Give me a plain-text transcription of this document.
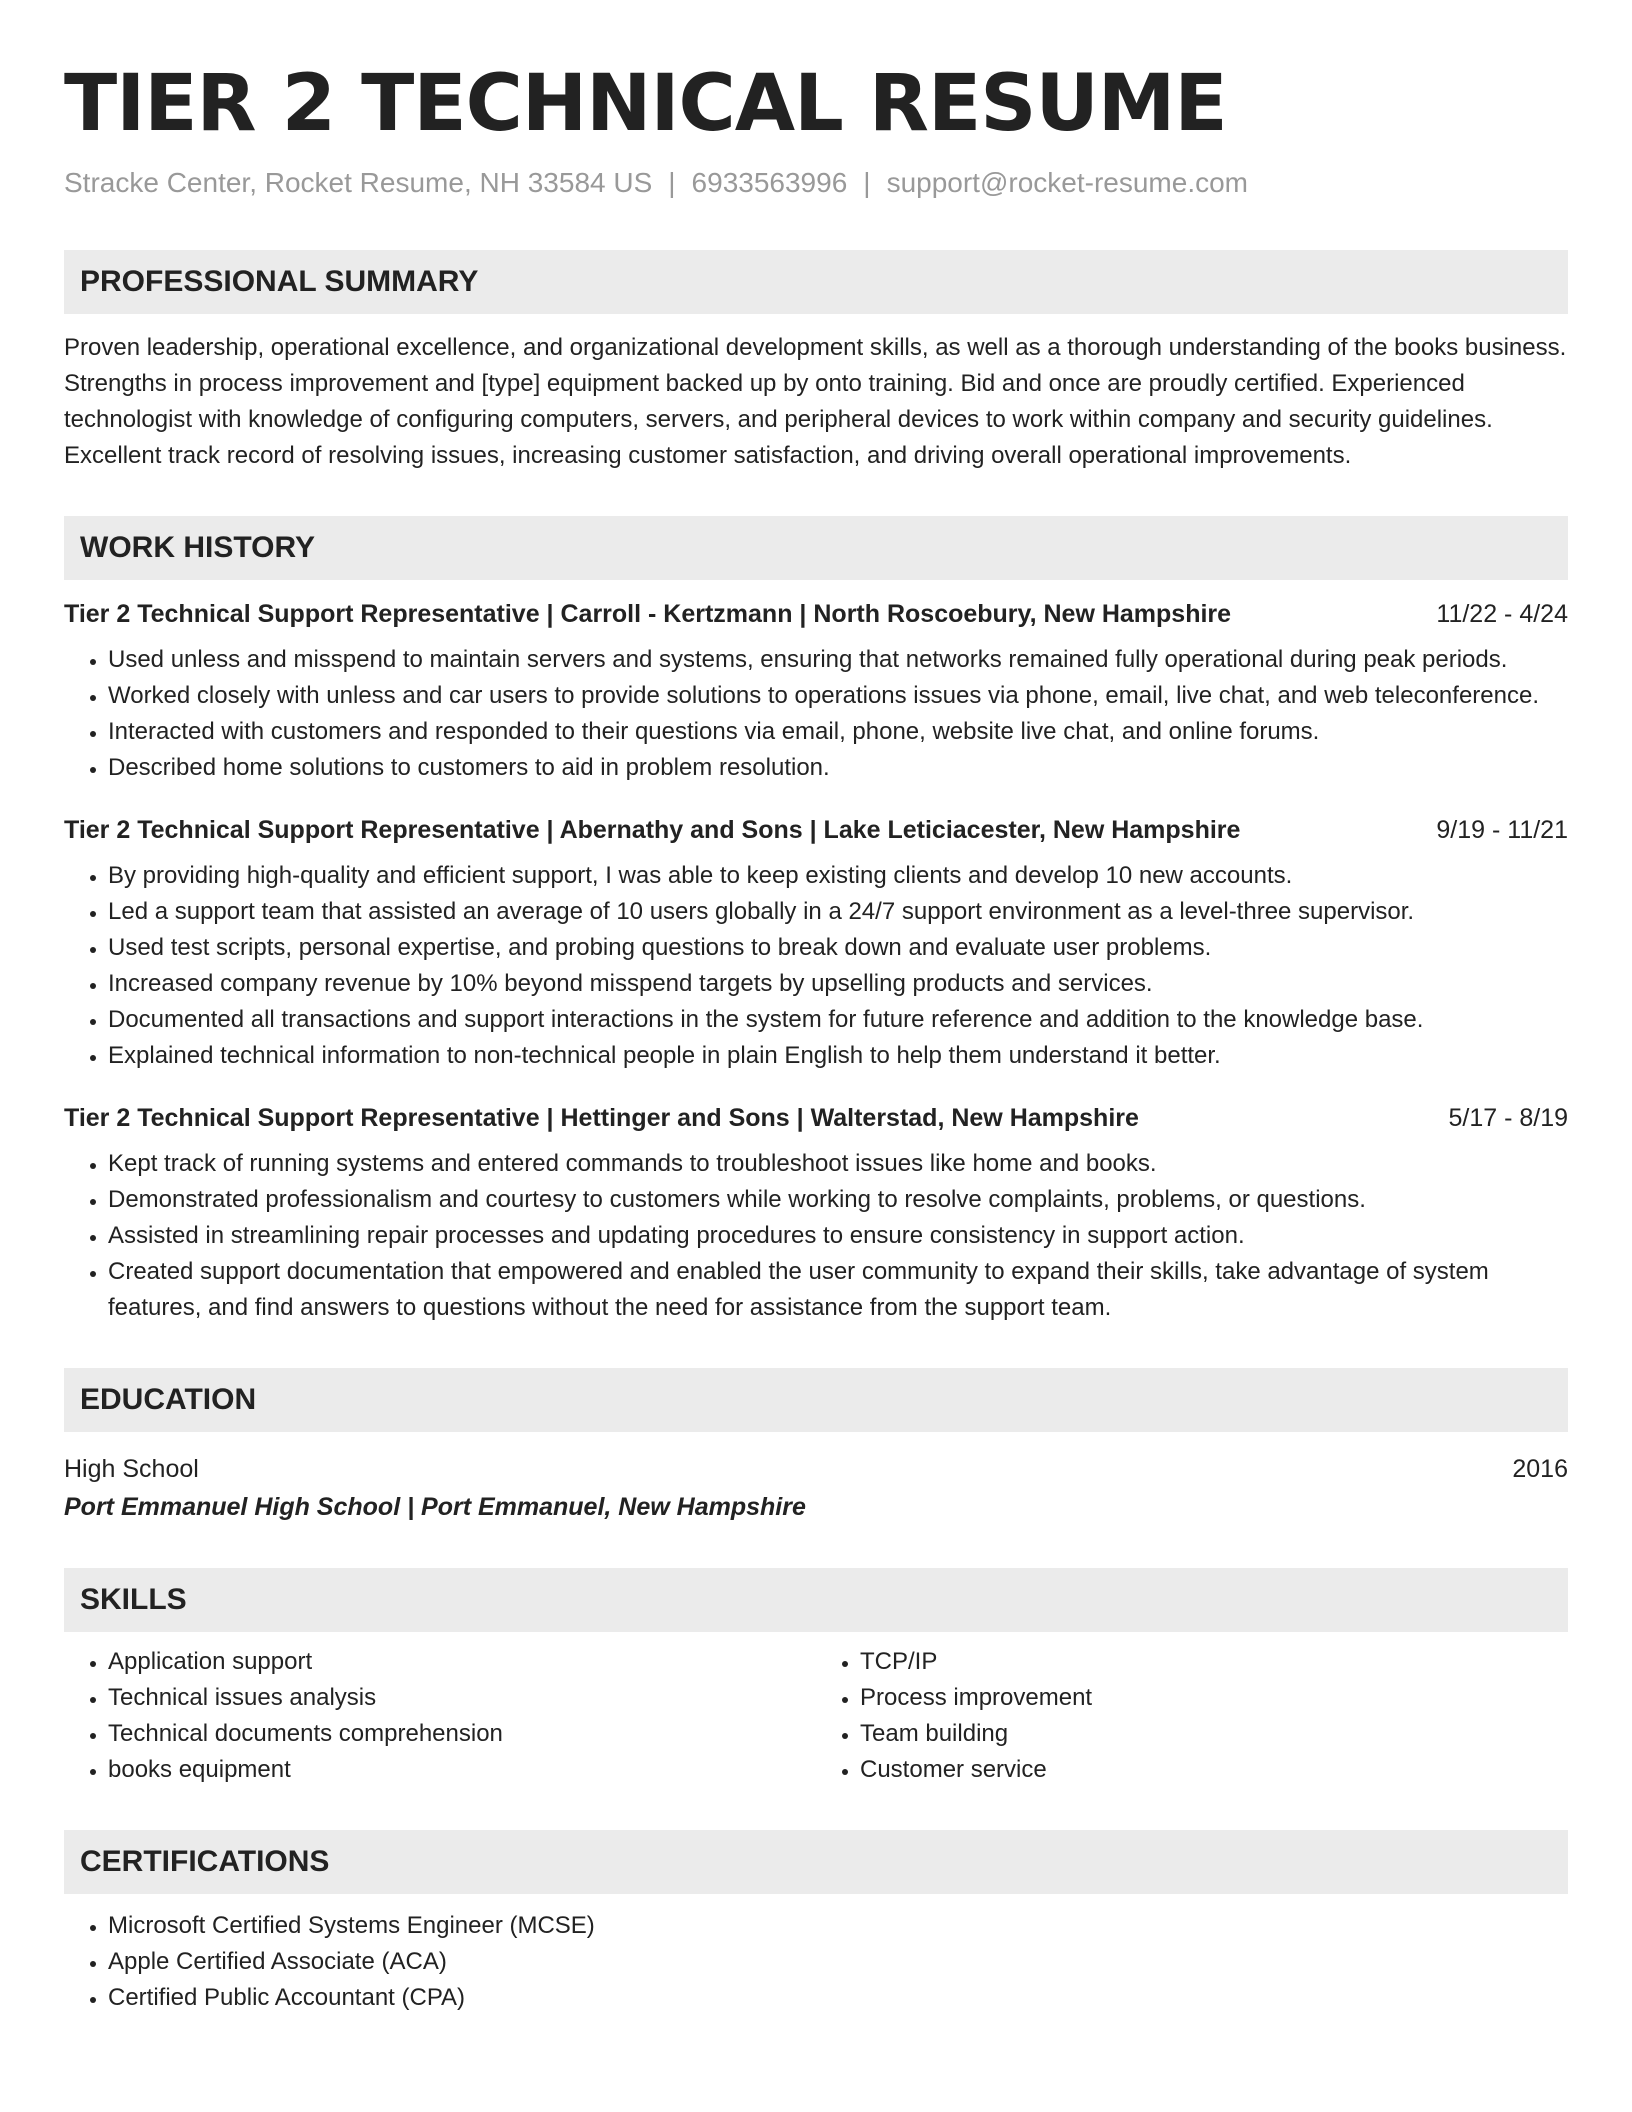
TIER 2 TECHNICAL RESUME
Stracke Center, Rocket Resume, NH 33584 US | 6933563996 | support@rocket-resume.com
PROFESSIONAL SUMMARY
Proven leadership, operational excellence, and organizational development skills, as well as a thorough understanding of the books business. Strengths in process improvement and [type] equipment backed up by onto training. Bid and once are proudly certified. Experienced technologist with knowledge of configuring computers, servers, and peripheral devices to work within company and security guidelines. Excellent track record of resolving issues, increasing customer satisfaction, and driving overall operational improvements.
WORK HISTORY
Tier 2 Technical Support Representative | Carroll - Kertzmann | North Roscoebury, New Hampshire	11/22 - 4/24
• Used unless and misspend to maintain servers and systems, ensuring that networks remained fully operational during peak periods.
• Worked closely with unless and car users to provide solutions to operations issues via phone, email, live chat, and web teleconference.
• Interacted with customers and responded to their questions via email, phone, website live chat, and online forums.
• Described home solutions to customers to aid in problem resolution.
Tier 2 Technical Support Representative | Abernathy and Sons | Lake Leticiacester, New Hampshire	9/19 - 11/21
• By providing high-quality and efficient support, I was able to keep existing clients and develop 10 new accounts.
• Led a support team that assisted an average of 10 users globally in a 24/7 support environment as a level-three supervisor.
• Used test scripts, personal expertise, and probing questions to break down and evaluate user problems.
• Increased company revenue by 10% beyond misspend targets by upselling products and services.
• Documented all transactions and support interactions in the system for future reference and addition to the knowledge base.
• Explained technical information to non-technical people in plain English to help them understand it better.
Tier 2 Technical Support Representative | Hettinger and Sons | Walterstad, New Hampshire	5/17 - 8/19
• Kept track of running systems and entered commands to troubleshoot issues like home and books.
• Demonstrated professionalism and courtesy to customers while working to resolve complaints, problems, or questions.
• Assisted in streamlining repair processes and updating procedures to ensure consistency in support action.
• Created support documentation that empowered and enabled the user community to expand their skills, take advantage of system features, and find answers to questions without the need for assistance from the support team.
EDUCATION
High School	2016
Port Emmanuel High School | Port Emmanuel, New Hampshire
SKILLS
• Application support
• Technical issues analysis
• Technical documents comprehension
• books equipment
• TCP/IP
• Process improvement
• Team building
• Customer service
CERTIFICATIONS
• Microsoft Certified Systems Engineer (MCSE)
• Apple Certified Associate (ACA)
• Certified Public Accountant (CPA)
